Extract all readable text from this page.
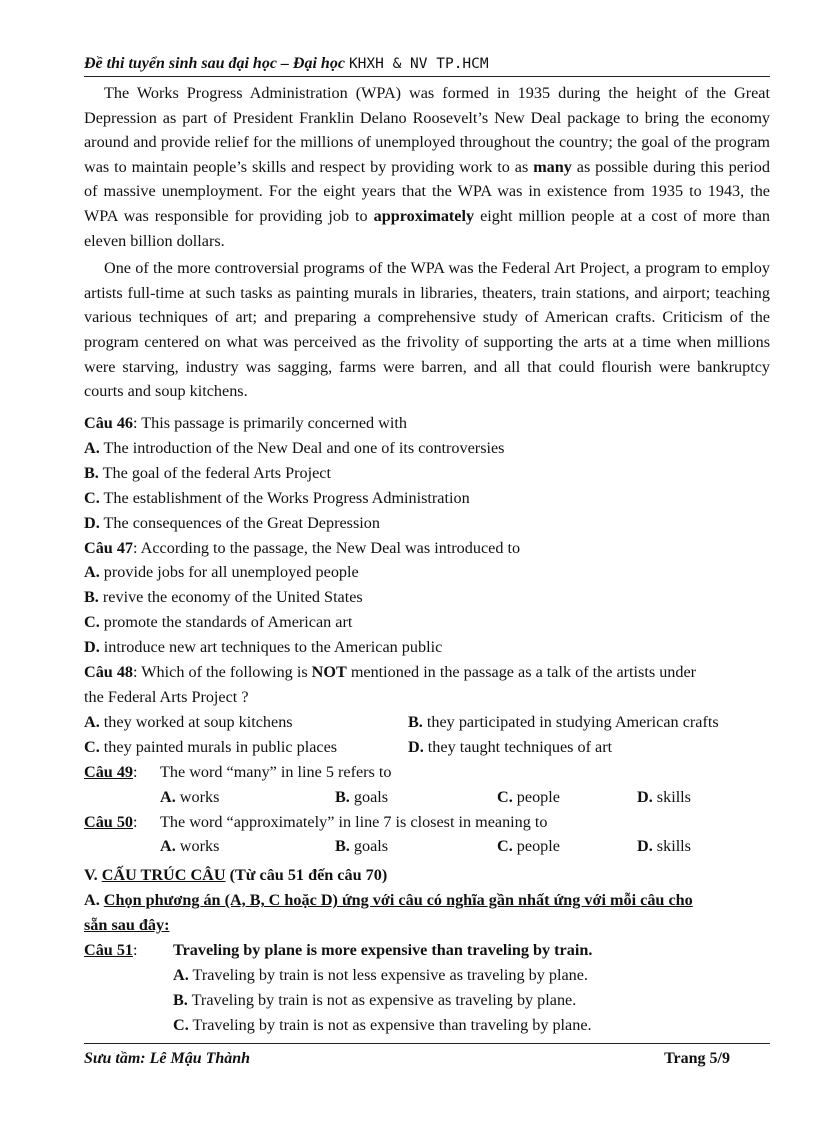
Đề thi tuyển sinh sau đại học – Đại học KHXH & NV TP.HCM

The Works Progress Administration (WPA) was formed in 1935 during the height of the Great Depression as part of President Franklin Delano Roosevelt’s New Deal package to bring the economy around and provide relief for the millions of unemployed throughout the country; the goal of the program was to maintain people’s skills and respect by providing work to as many as possible during this period of massive unemployment. For the eight years that the WPA was in existence from 1935 to 1943, the WPA was responsible for providing job to approximately eight million people at a cost of more than eleven billion dollars.

One of the more controversial programs of the WPA was the Federal Art Project, a program to employ artists full-time at such tasks as painting murals in libraries, theaters, train stations, and airport; teaching various techniques of art; and preparing a comprehensive study of American crafts. Criticism of the program centered on what was perceived as the frivolity of supporting the arts at a time when millions were starving, industry was sagging, farms were barren, and all that could flourish were bankruptcy courts and soup kitchens.

Câu 46: This passage is primarily concerned with
A. The introduction of the New Deal and one of its controversies
B. The goal of the federal Arts Project
C. The establishment of the Works Progress Administration
D. The consequences of the Great Depression
Câu 47: According to the passage, the New Deal was introduced to
A. provide jobs for all unemployed people
B. revive the economy of the United States
C. promote the standards of American art
D. introduce new art techniques to the American public
Câu 48: Which of the following is NOT mentioned in the passage as a talk of the artists under
the Federal Arts Project ?
A. they worked at soup kitchens	B. they participated in studying American crafts
C. they painted murals in public places	D. they taught techniques of art
Câu 49: The word “many” in line 5 refers to
A. works	B. goals	C. people	D. skills
Câu 50: The word “approximately” in line 7 is closest in meaning to
A. works	B. goals	C. people	D. skills
V. CẤU TRÚC CÂU (Từ câu 51 đến câu 70)
A. Chọn phương án (A, B, C hoặc D) ứng với câu có nghĩa gần nhất ứng với mỗi câu cho
sẵn sau đây:
Câu 51: Traveling by plane is more expensive than traveling by train.
A. Traveling by train is not less expensive as traveling by plane.
B. Traveling by train is not as expensive as traveling by plane.
C. Traveling by train is not as expensive than traveling by plane.
Sưu tầm: Lê Mậu Thành	Trang 5/9
